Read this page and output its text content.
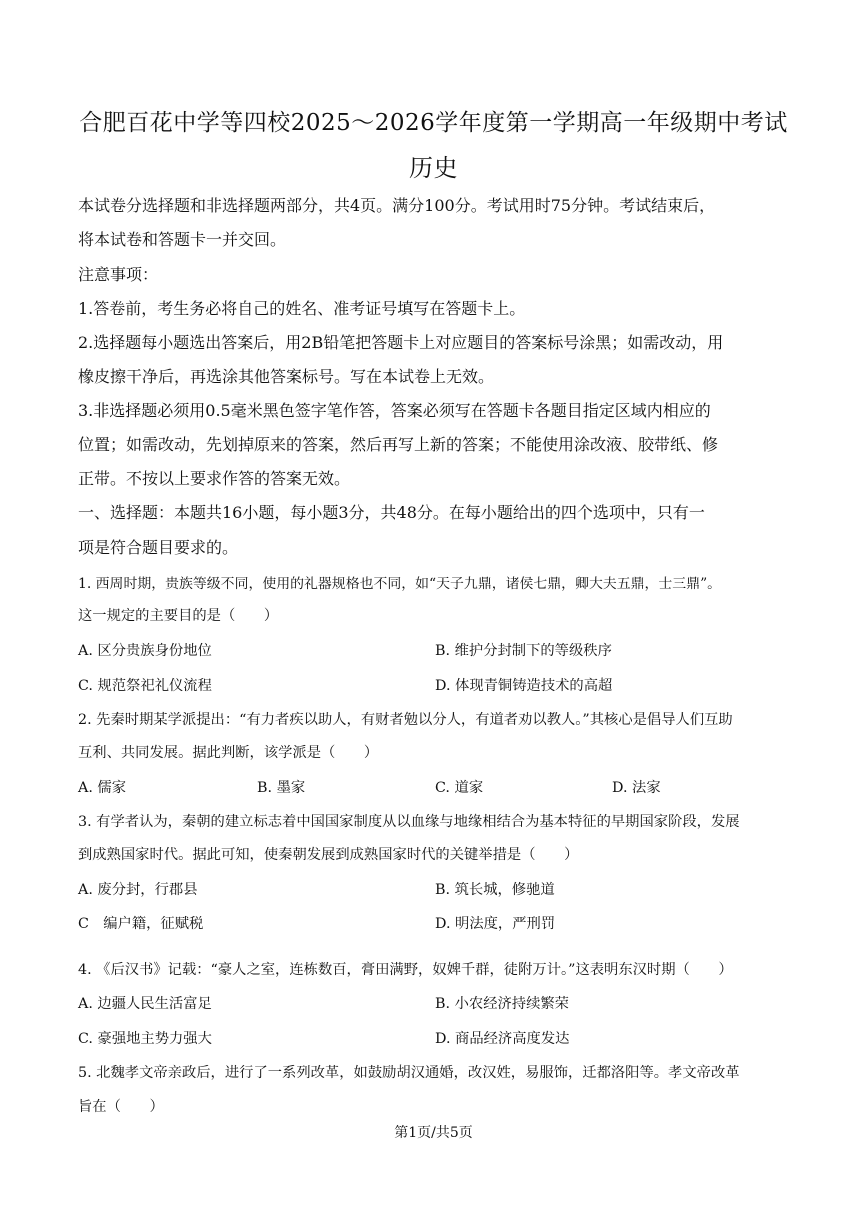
合肥百花中学等四校2025～2026学年度第一学期高一年级期中考试
历史
本试卷分选择题和非选择题两部分，共4页。满分100分。考试用时75分钟。考试结束后，
将本试卷和答题卡一并交回。
注意事项：
1.答卷前，考生务必将自己的姓名、准考证号填写在答题卡上。
2.选择题每小题选出答案后，用2B铅笔把答题卡上对应题目的答案标号涂黑；如需改动，用
橡皮擦干净后，再选涂其他答案标号。写在本试卷上无效。
3.非选择题必须用0.5毫米黑色签字笔作答，答案必须写在答题卡各题目指定区域内相应的
位置；如需改动，先划掉原来的答案，然后再写上新的答案；不能使用涂改液、胶带纸、修
正带。不按以上要求作答的答案无效。
一、选择题：本题共16小题，每小题3分，共48分。在每小题给出的四个选项中，只有一
项是符合题目要求的。
1. 西周时期，贵族等级不同，使用的礼器规格也不同，如“天子九鼎，诸侯七鼎，卿大夫五鼎，士三鼎”。
这一规定的主要目的是（　　）
A. 区分贵族身份地位	B. 维护分封制下的等级秩序
C. 规范祭祀礼仪流程	D. 体现青铜铸造技术的高超
2. 先秦时期某学派提出：“有力者疾以助人，有财者勉以分人，有道者劝以教人。”其核心是倡导人们互助
互利、共同发展。据此判断，该学派是（　　）
A. 儒家	B. 墨家	C. 道家	D. 法家
3. 有学者认为，秦朝的建立标志着中国国家制度从以血缘与地缘相结合为基本特征的早期国家阶段，发展
到成熟国家时代。据此可知，使秦朝发展到成熟国家时代的关键举措是（　　）
A. 废分封，行郡县	B. 筑长城，修驰道
C　编户籍，征赋税	D. 明法度，严刑罚
4. 《后汉书》记载：“豪人之室，连栋数百，膏田满野，奴婢千群，徒附万计。”这表明东汉时期（　　）
A. 边疆人民生活富足	B. 小农经济持续繁荣
C. 豪强地主势力强大	D. 商品经济高度发达
5. 北魏孝文帝亲政后，进行了一系列改革，如鼓励胡汉通婚，改汉姓，易服饰，迁都洛阳等。孝文帝改革
旨在（　　）
第1页/共5页
